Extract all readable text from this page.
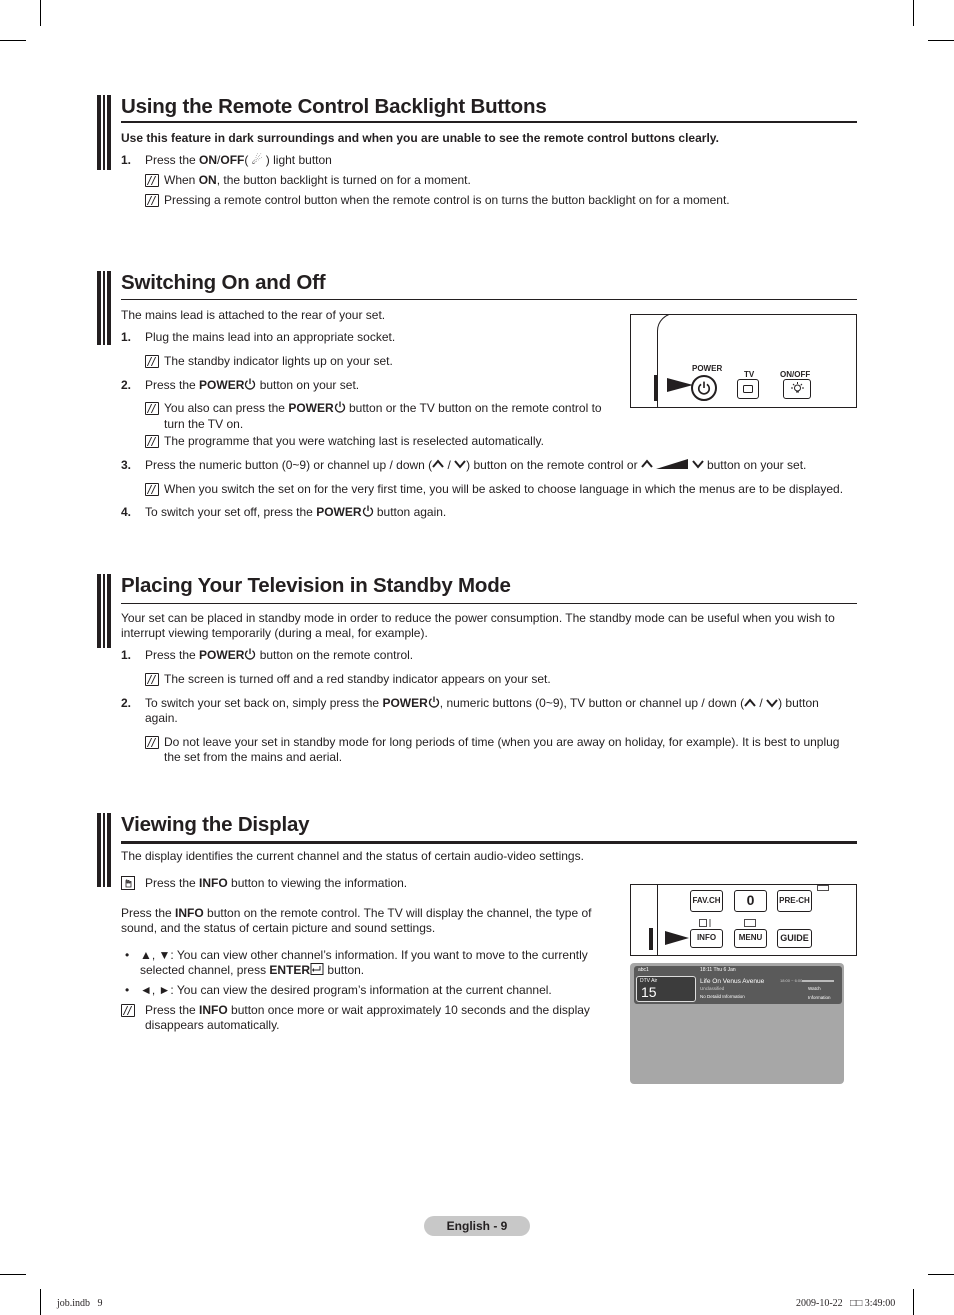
Using the Remote Control Backlight Buttons
Use this feature in dark surroundings and when you are unable to see the remote control buttons clearly.
1. Press the ON/OFF( ☄ ) light button
When ON, the button backlight is turned on for a moment.
Pressing a remote control button when the remote control is on turns the button backlight on for a moment.
Switching On and Off
The mains lead is attached to the rear of your set.
1. Plug the mains lead into an appropriate socket.
The standby indicator lights up on your set.
2. Press the POWER button on your set.
You also can press the POWER button or the TV button on the remote control to
turn the TV on.
The programme that you were watching last is reselected automatically.
3. Press the numeric button (0~9) or channel up / down ( / ) button on the remote control or	button on your set.
When you switch the set on for the very first time, you will be asked to choose language in which the menus are to be displayed.
4. To switch your set off, press the POWER button again.
POWER
TV	ON/OFF
Placing Your Television in Standby Mode
Your set can be placed in standby mode in order to reduce the power consumption. The standby mode can be useful when you wish to interrupt viewing temporarily (during a meal, for example).
1. Press the POWER button on the remote control.
The screen is turned off and a red standby indicator appears on your set.
2. To switch your set back on, simply press the POWER , numeric buttons (0~9), TV button or channel up / down ( / ) button
again.
Do not leave your set in standby mode for long periods of time (when you are away on holiday, for example). It is best to unplug the set from the mains and aerial.
Viewing the Display
The display identifies the current channel and the status of certain audio-video settings.
Press the INFO button to viewing the information.
Press the INFO button on the remote control. The TV will display the channel, the type of sound, and the status of certain picture and sound settings.
• ▲, ▼: You can view other channel’s information. If you want to move to the currently selected channel, press ENTER button.
• ◄, ►: You can view the desired program’s information at the current channel.
Press the INFO button once more or wait approximately 10 seconds and the display disappears automatically.
FAV.CH	0	PRE-CH
INFO	MENU	GUIDE
abc1
DTV Air
15
18:11 Thu 6 Jan
Life On Venus Avenue	18:00 ~ 6:00
Unclassified
No Detaild Information
Watch
Information
English - 9
job.indb   9	2009-10-22   □□ 3:49:00
